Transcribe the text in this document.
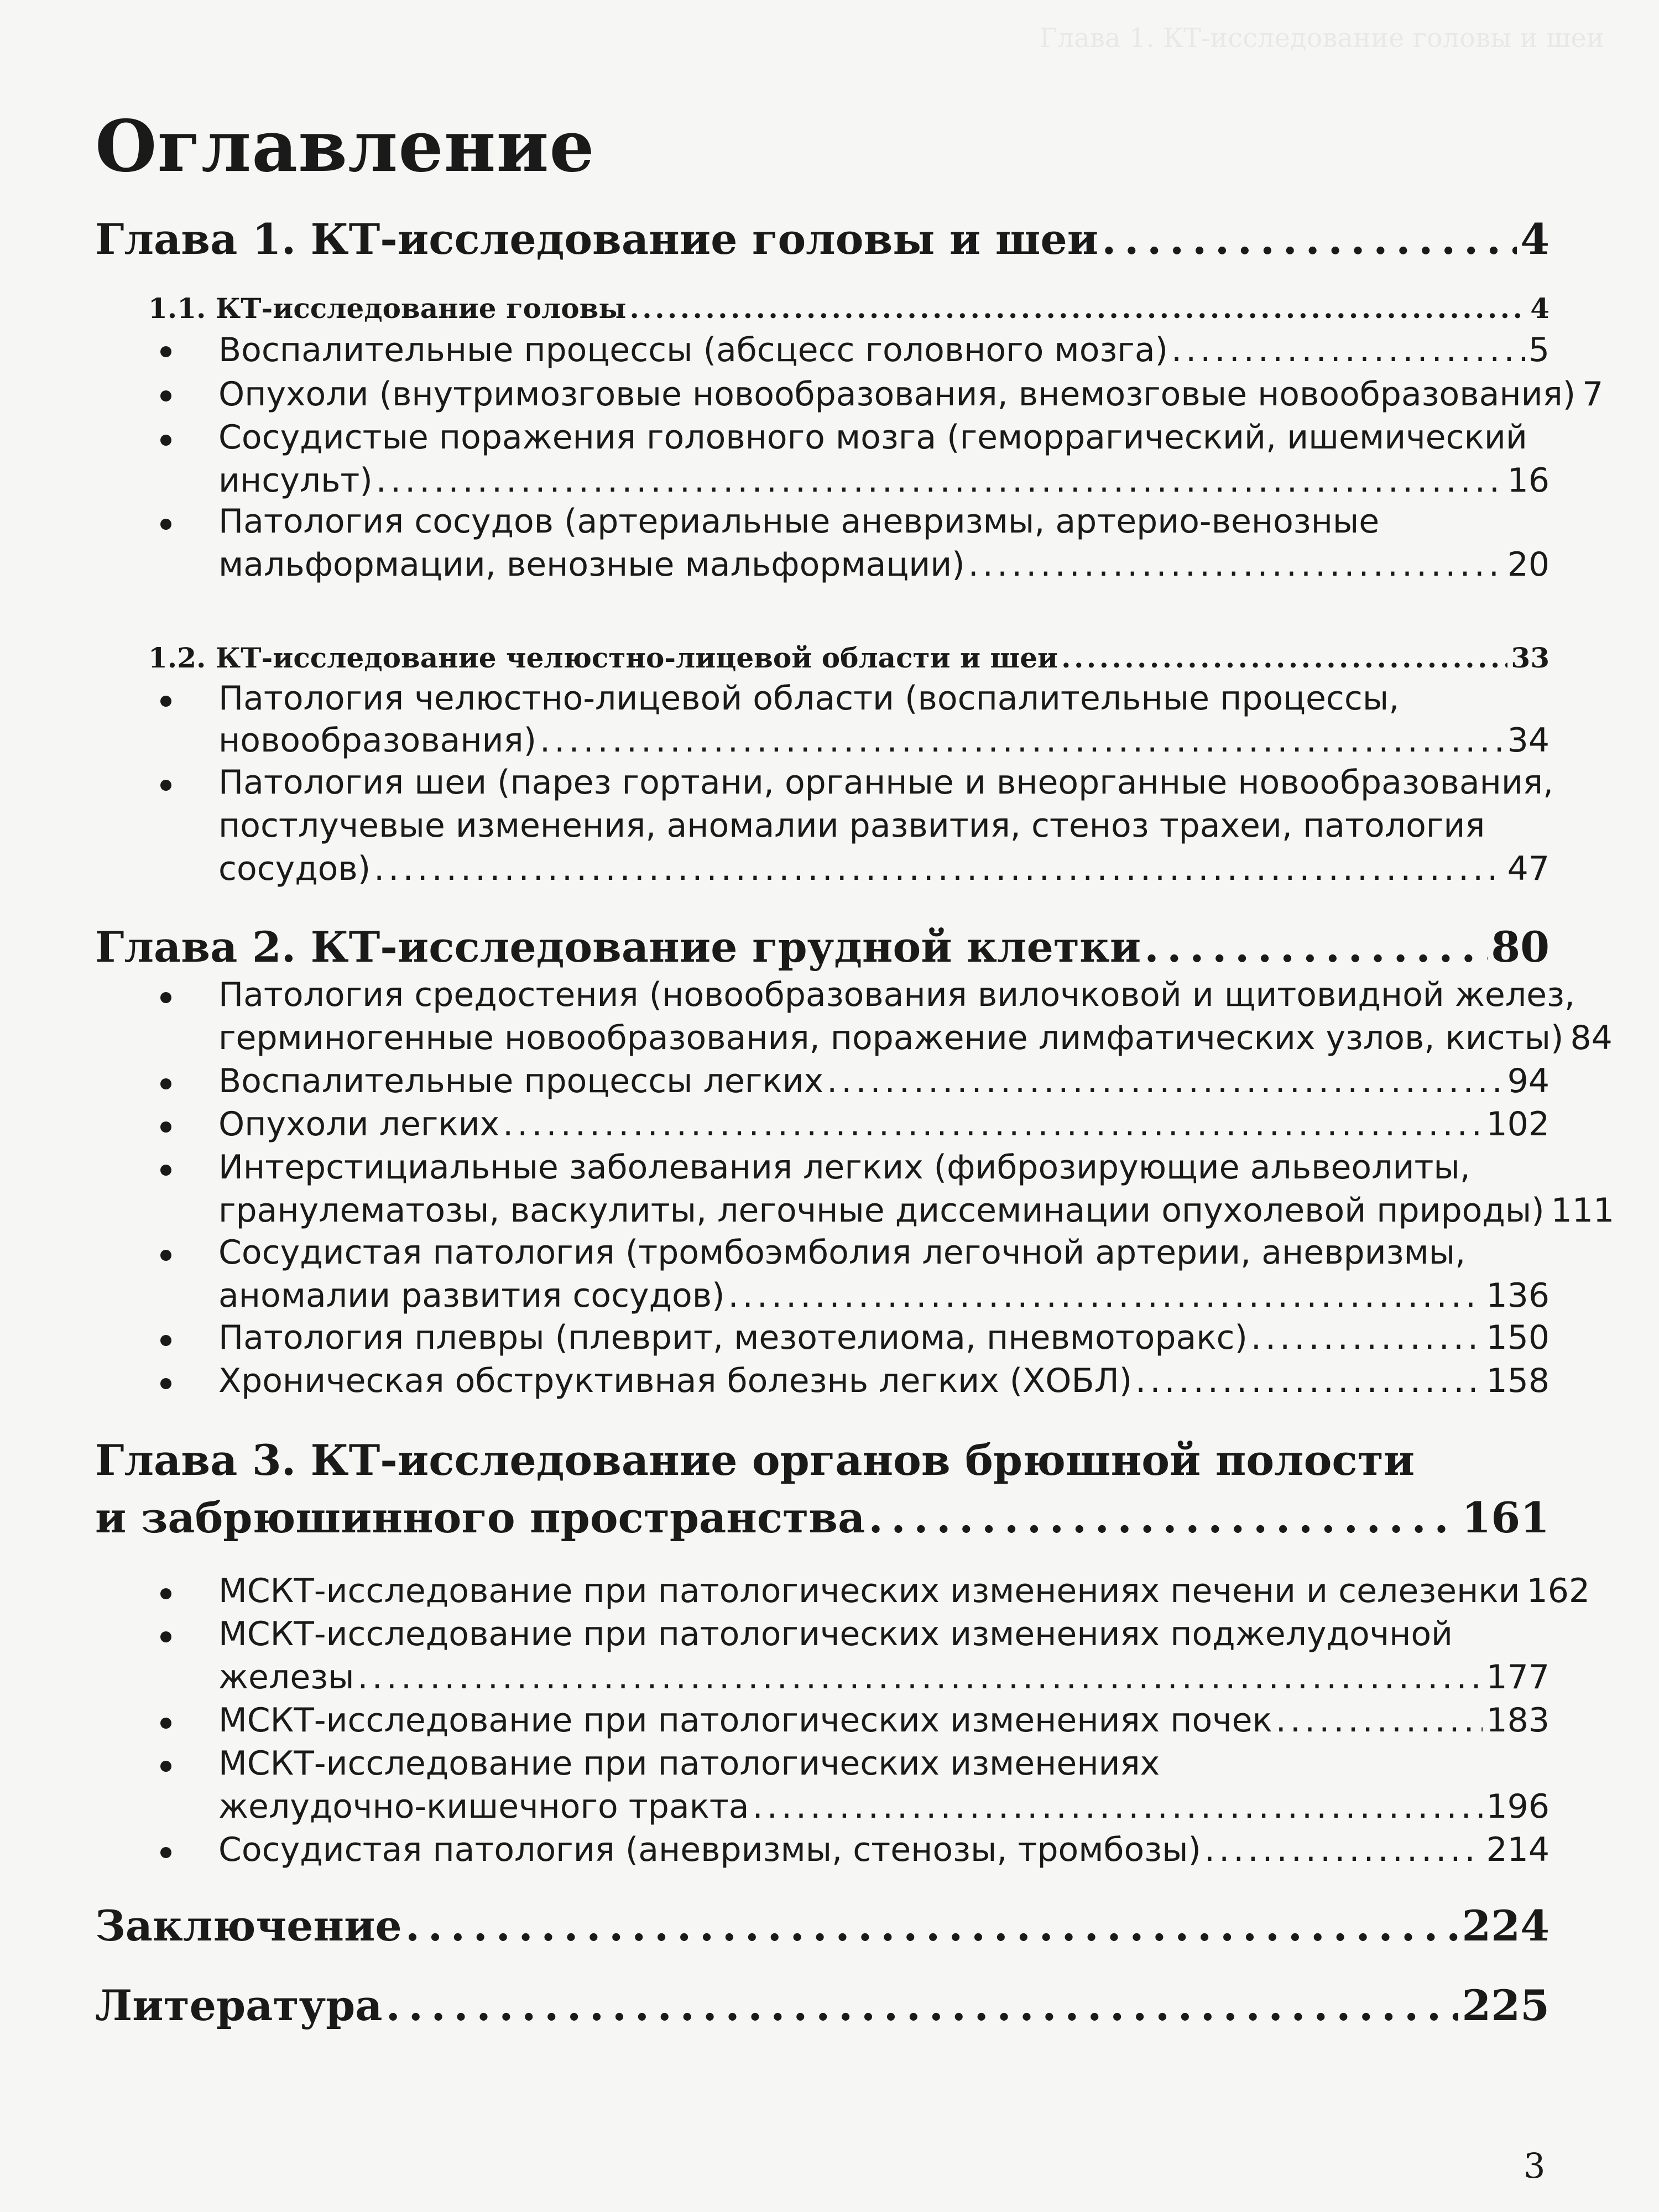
Глава 1. КТ-исследование головы и шеи
Оглавление
Глава 1. КТ-исследование головы и шеи . . .	4
1.1. КТ-исследование головы . . .	4
Воспалительные процессы (абсцесс головного мозга) . . .	5
Опухоли (внутримозговые новообразования, внемозговые новообразования) 7
Сосудистые поражения головного мозга (геморрагический, ишемический
инсульт) . . .	16
Патология сосудов (артериальные аневризмы, артерио-венозные
мальформации, венозные мальформации) . . .	20
1.2. КТ-исследование челюстно-лицевой области и шеи . . .	33
Патология челюстно-лицевой области (воспалительные процессы,
новообразования) . . .	34
Патология шеи (парез гортани, органные и внеорганные новообразования,
постлучевые изменения, аномалии развития, стеноз трахеи, патология
сосудов) . . .	47
Глава 2. КТ-исследование грудной клетки . . .	80
Патология средостения (новообразования вилочковой и щитовидной желез,
герминогенные новообразования, поражение лимфатических узлов, кисты) 84
Воспалительные процессы легких . . .	94
Опухоли легких . . .	102
Интерстициальные заболевания легких (фиброзирующие альвеолиты,
гранулематозы, васкулиты, легочные диссеминации опухолевой природы) 111
Сосудистая патология (тромбоэмболия легочной артерии, аневризмы,
аномалии развития сосудов) . . .	136
Патология плевры (плеврит, мезотелиома, пневмоторакс) . . .	150
Хроническая обструктивная болезнь легких (ХОБЛ) . . .	158
Глава 3. КТ-исследование органов брюшной полости
и забрюшинного пространства . . .	161
МСКТ-исследование при патологических изменениях печени и селезенки 162
МСКТ-исследование при патологических изменениях поджелудочной
железы . . .	177
МСКТ-исследование при патологических изменениях почек . . .	183
МСКТ-исследование при патологических изменениях
желудочно-кишечного тракта . . .	196
Сосудистая патология (аневризмы, стенозы, тромбозы) . . .	214
Заключение . . .	224
Литература . . .	225
3
